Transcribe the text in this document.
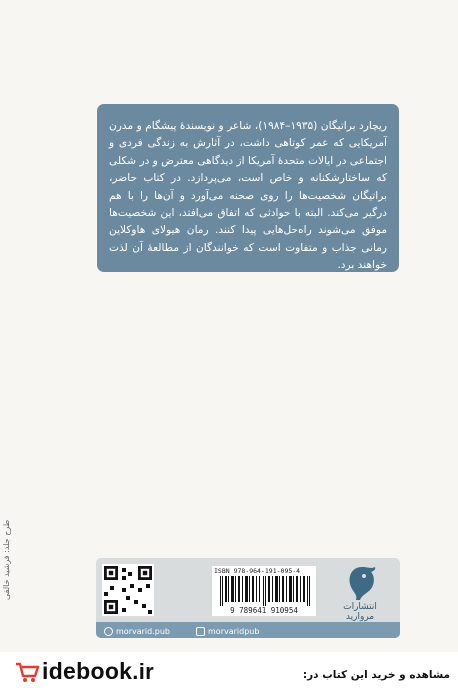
ریچارد براتیگان (۱۹۳۵–۱۹۸۴)، شاعر و نویسندۀ پیشگام و مدرن آمریکایی که عمر کوتاهی داشت، در آثارش به زندگی فردی و اجتماعی در ایالات متحدۀ آمریکا از دیدگاهی معترض و در شکلی که ساختارشکنانه و خاص است، می‌پردازد. در کتاب حاضر، براتیگان شخصیت‌ها را روی صحنه می‌آورد و آن‌ها را با هم درگیر می‌کند. البته با حوادثی که اتفاق می‌افتد، این شخصیت‌ها موفق می‌شوند راه‌حل‌هایی پیدا کنند. رمان هیولای هاوکلاین رمانی جذاب و متفاوت است که خوانندگان از مطالعۀ آن لذت خواهند برد.
طرح جلد: فرشید خالقی	ISBN 978-964-191-095-4
9 789641 910954	انتشارات مروارید
morvarid.pub	morvaridpub
idebook .ir	مشاهده و خرید این کتاب در:
